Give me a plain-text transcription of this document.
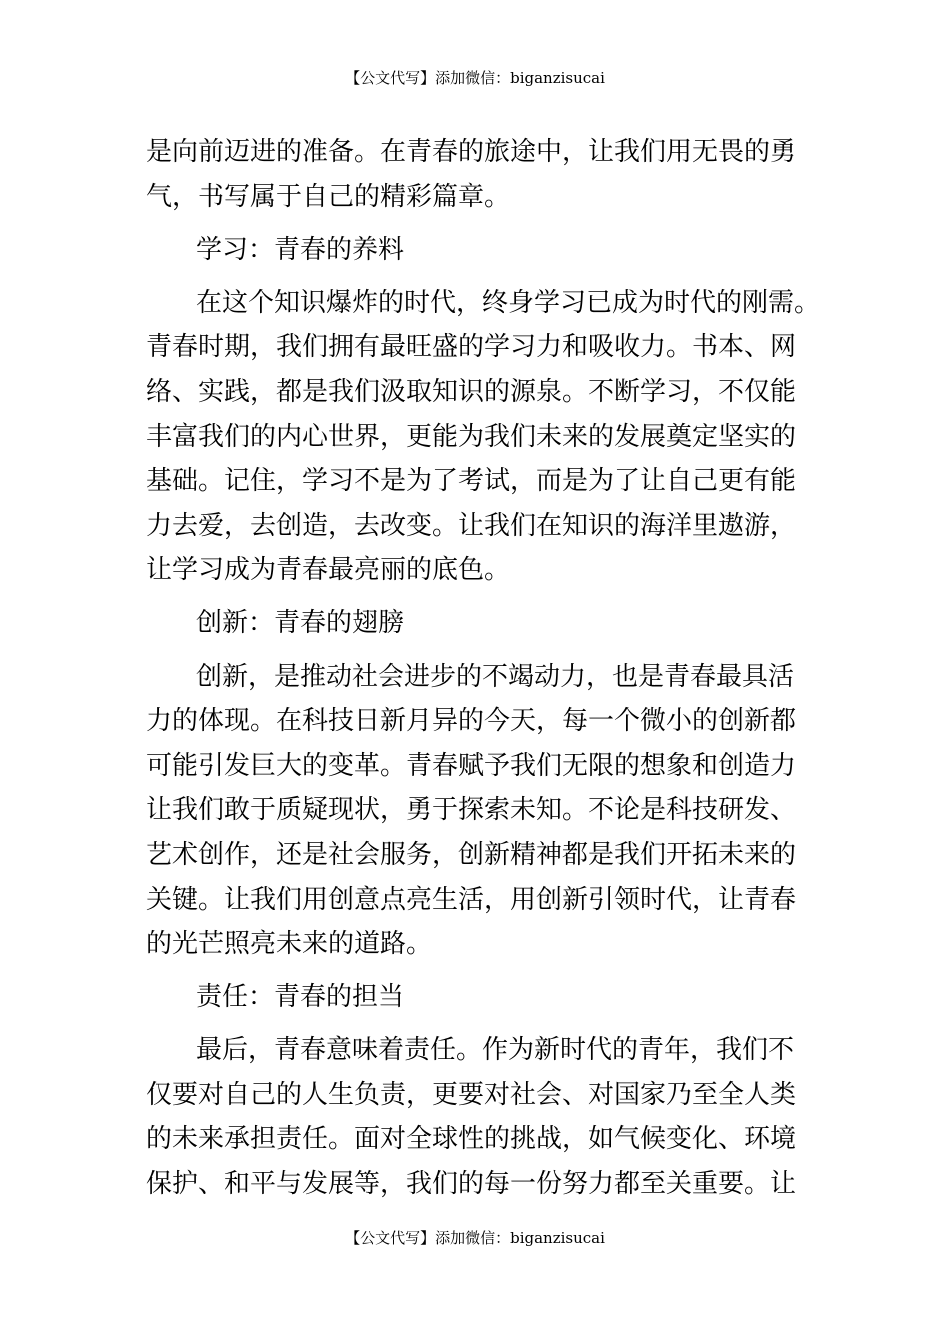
【公文代写】添加微信：biganzisucai

是向前迈进的准备。在青春的旅途中，让我们用无畏的勇
气，书写属于自己的精彩篇章。

学习：青春的养料

在这个知识爆炸的时代，终身学习已成为时代的刚需。
青春时期，我们拥有最旺盛的学习力和吸收力。书本、网
络、实践，都是我们汲取知识的源泉。不断学习，不仅能
丰富我们的内心世界，更能为我们未来的发展奠定坚实的
基础。记住，学习不是为了考试，而是为了让自己更有能
力去爱，去创造，去改变。让我们在知识的海洋里遨游，
让学习成为青春最亮丽的底色。

创新：青春的翅膀

创新，是推动社会进步的不竭动力，也是青春最具活
力的体现。在科技日新月异的今天，每一个微小的创新都
可能引发巨大的变革。青春赋予我们无限的想象和创造力
让我们敢于质疑现状，勇于探索未知。不论是科技研发、
艺术创作，还是社会服务，创新精神都是我们开拓未来的
关键。让我们用创意点亮生活，用创新引领时代，让青春
的光芒照亮未来的道路。

责任：青春的担当

最后，青春意味着责任。作为新时代的青年，我们不
仅要对自己的人生负责，更要对社会、对国家乃至全人类
的未来承担责任。面对全球性的挑战，如气候变化、环境
保护、和平与发展等，我们的每一份努力都至关重要。让

【公文代写】添加微信：biganzisucai
